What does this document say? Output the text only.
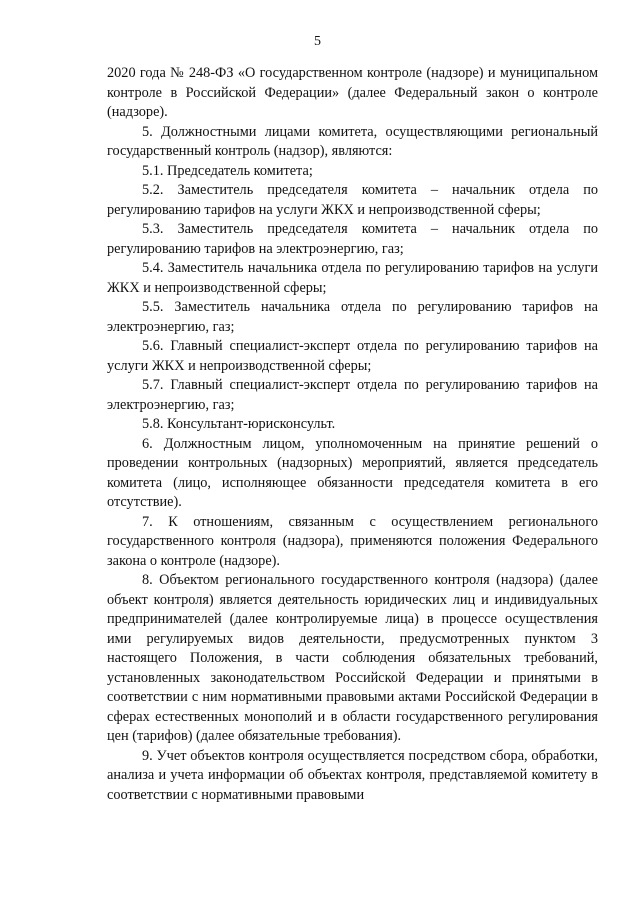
5

2020 года № 248-ФЗ «О государственном контроле (надзоре) и муниципальном контроле в Российской Федерации» (далее Федеральный закон о контроле (надзоре).

5. Должностными лицами комитета, осуществляющими региональный государственный контроль (надзор), являются:

5.1. Председатель комитета;

5.2. Заместитель председателя комитета – начальник отдела по регулированию тарифов на услуги ЖКХ и непроизводственной сферы;

5.3. Заместитель председателя комитета – начальник отдела по регулированию тарифов на электроэнергию, газ;

5.4. Заместитель начальника отдела по регулированию тарифов на услуги ЖКХ и непроизводственной сферы;

5.5. Заместитель начальника отдела по регулированию тарифов на электроэнергию, газ;

5.6. Главный специалист-эксперт отдела по регулированию тарифов на услуги ЖКХ и непроизводственной сферы;

5.7. Главный специалист-эксперт отдела по регулированию тарифов на электроэнергию, газ;

5.8. Консультант-юрисконсульт.

6. Должностным лицом, уполномоченным на принятие решений о проведении контрольных (надзорных) мероприятий, является председатель комитета (лицо, исполняющее обязанности председателя комитета в его отсутствие).

7. К отношениям, связанным с осуществлением регионального государственного контроля (надзора), применяются положения Федерального закона о контроле (надзоре).

8. Объектом регионального государственного контроля (надзора) (далее объект контроля) является деятельность юридических лиц и индивидуальных предпринимателей (далее контролируемые лица) в процессе осуществления ими регулируемых видов деятельности, предусмотренных пунктом 3 настоящего Положения, в части соблюдения обязательных требований, установленных законодательством Российской Федерации и принятыми в соответствии с ним нормативными правовыми актами Российской Федерации в сферах естественных монополий и в области государственного регулирования цен (тарифов) (далее обязательные требования).

9. Учет объектов контроля осуществляется посредством сбора, обработки, анализа и учета информации об объектах контроля, представляемой комитету в соответствии с нормативными правовыми
